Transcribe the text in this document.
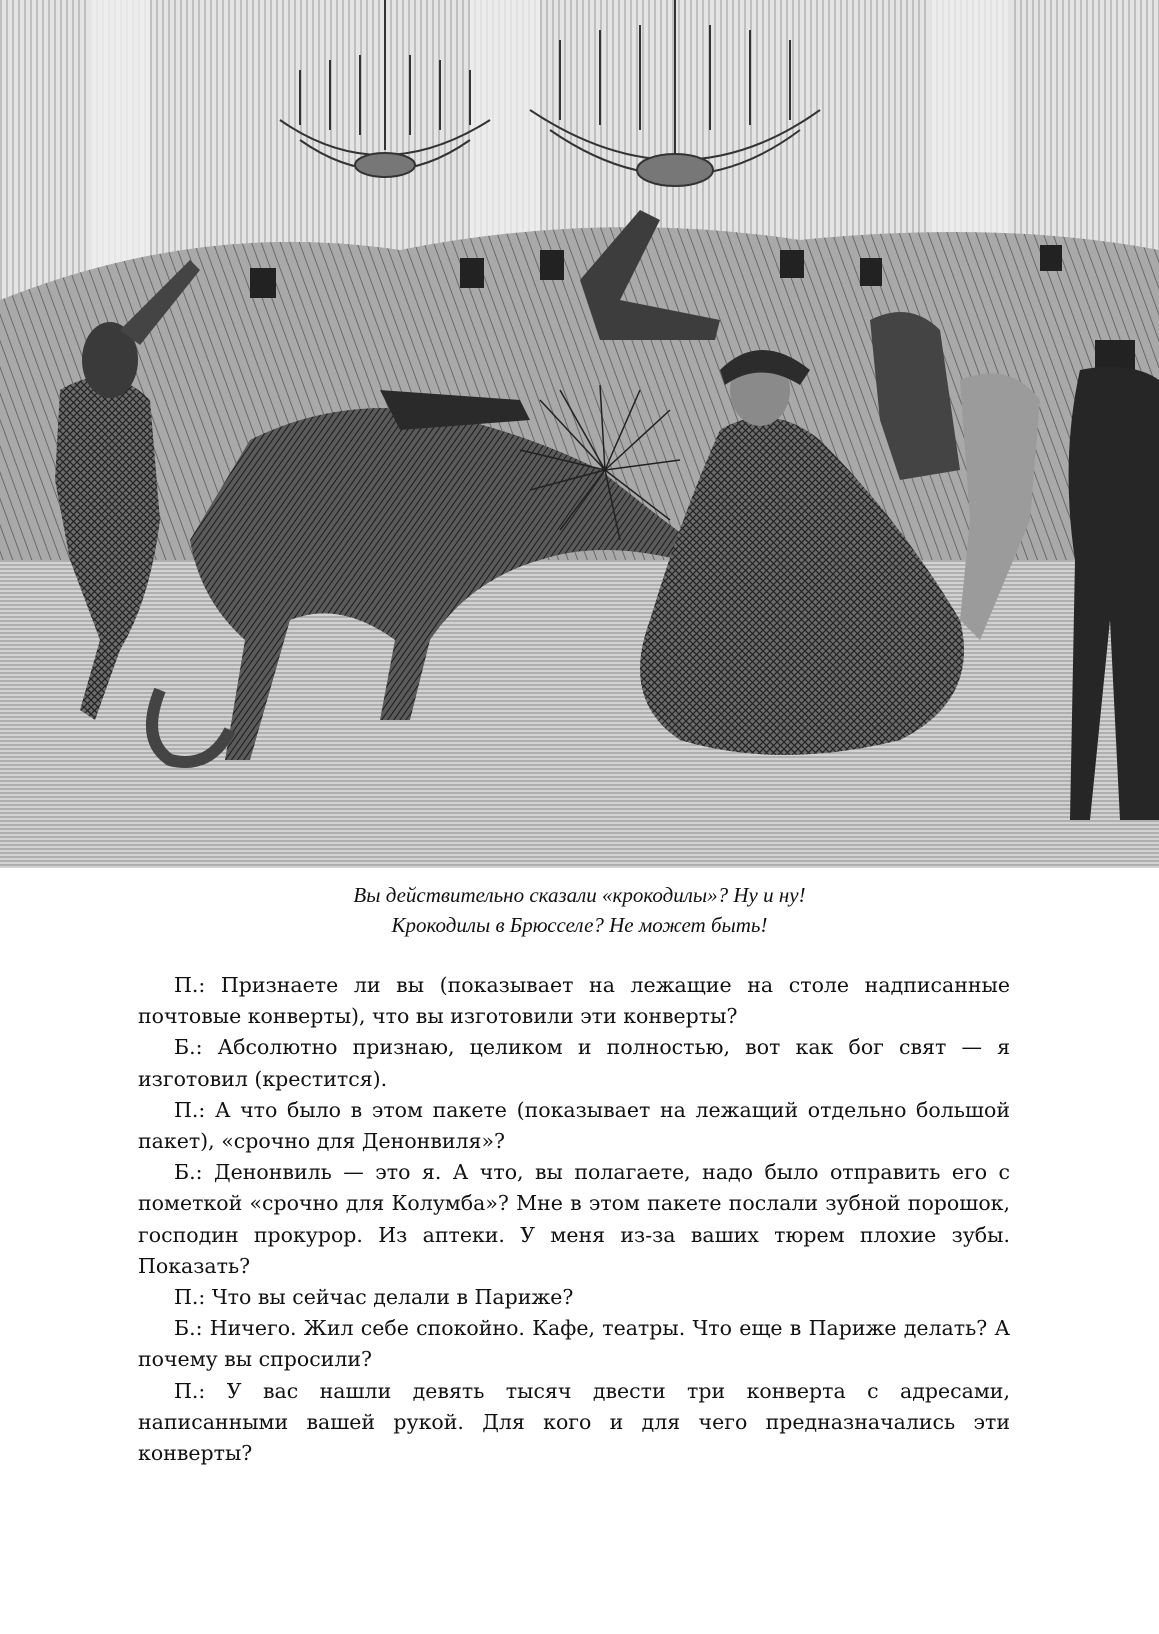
Вы действительно сказали «крокодилы»? Ну и ну!
Крокодилы в Брюсселе? Не может быть!

П.: Признаете ли вы (показывает на лежащие на столе надписанные почтовые конверты), что вы изготовили эти конверты?

Б.: Абсолютно признаю, целиком и полностью, вот как бог свят — я изготовил (крестится).

П.: А что было в этом пакете (показывает на лежащий отдельно большой пакет), «срочно для Денонвиля»?

Б.: Денонвиль — это я. А что, вы полагаете, надо было отправить его с пометкой «срочно для Колумба»? Мне в этом пакете послали зубной порошок, господин прокурор. Из аптеки. У меня из-за ваших тюрем плохие зубы. Показать?

П.: Что вы сейчас делали в Париже?

Б.: Ничего. Жил себе спокойно. Кафе, театры. Что еще в Париже делать? А почему вы спросили?

П.: У вас нашли девять тысяч двести три конверта с адресами, написанными вашей рукой. Для кого и для чего предназначались эти конверты?
